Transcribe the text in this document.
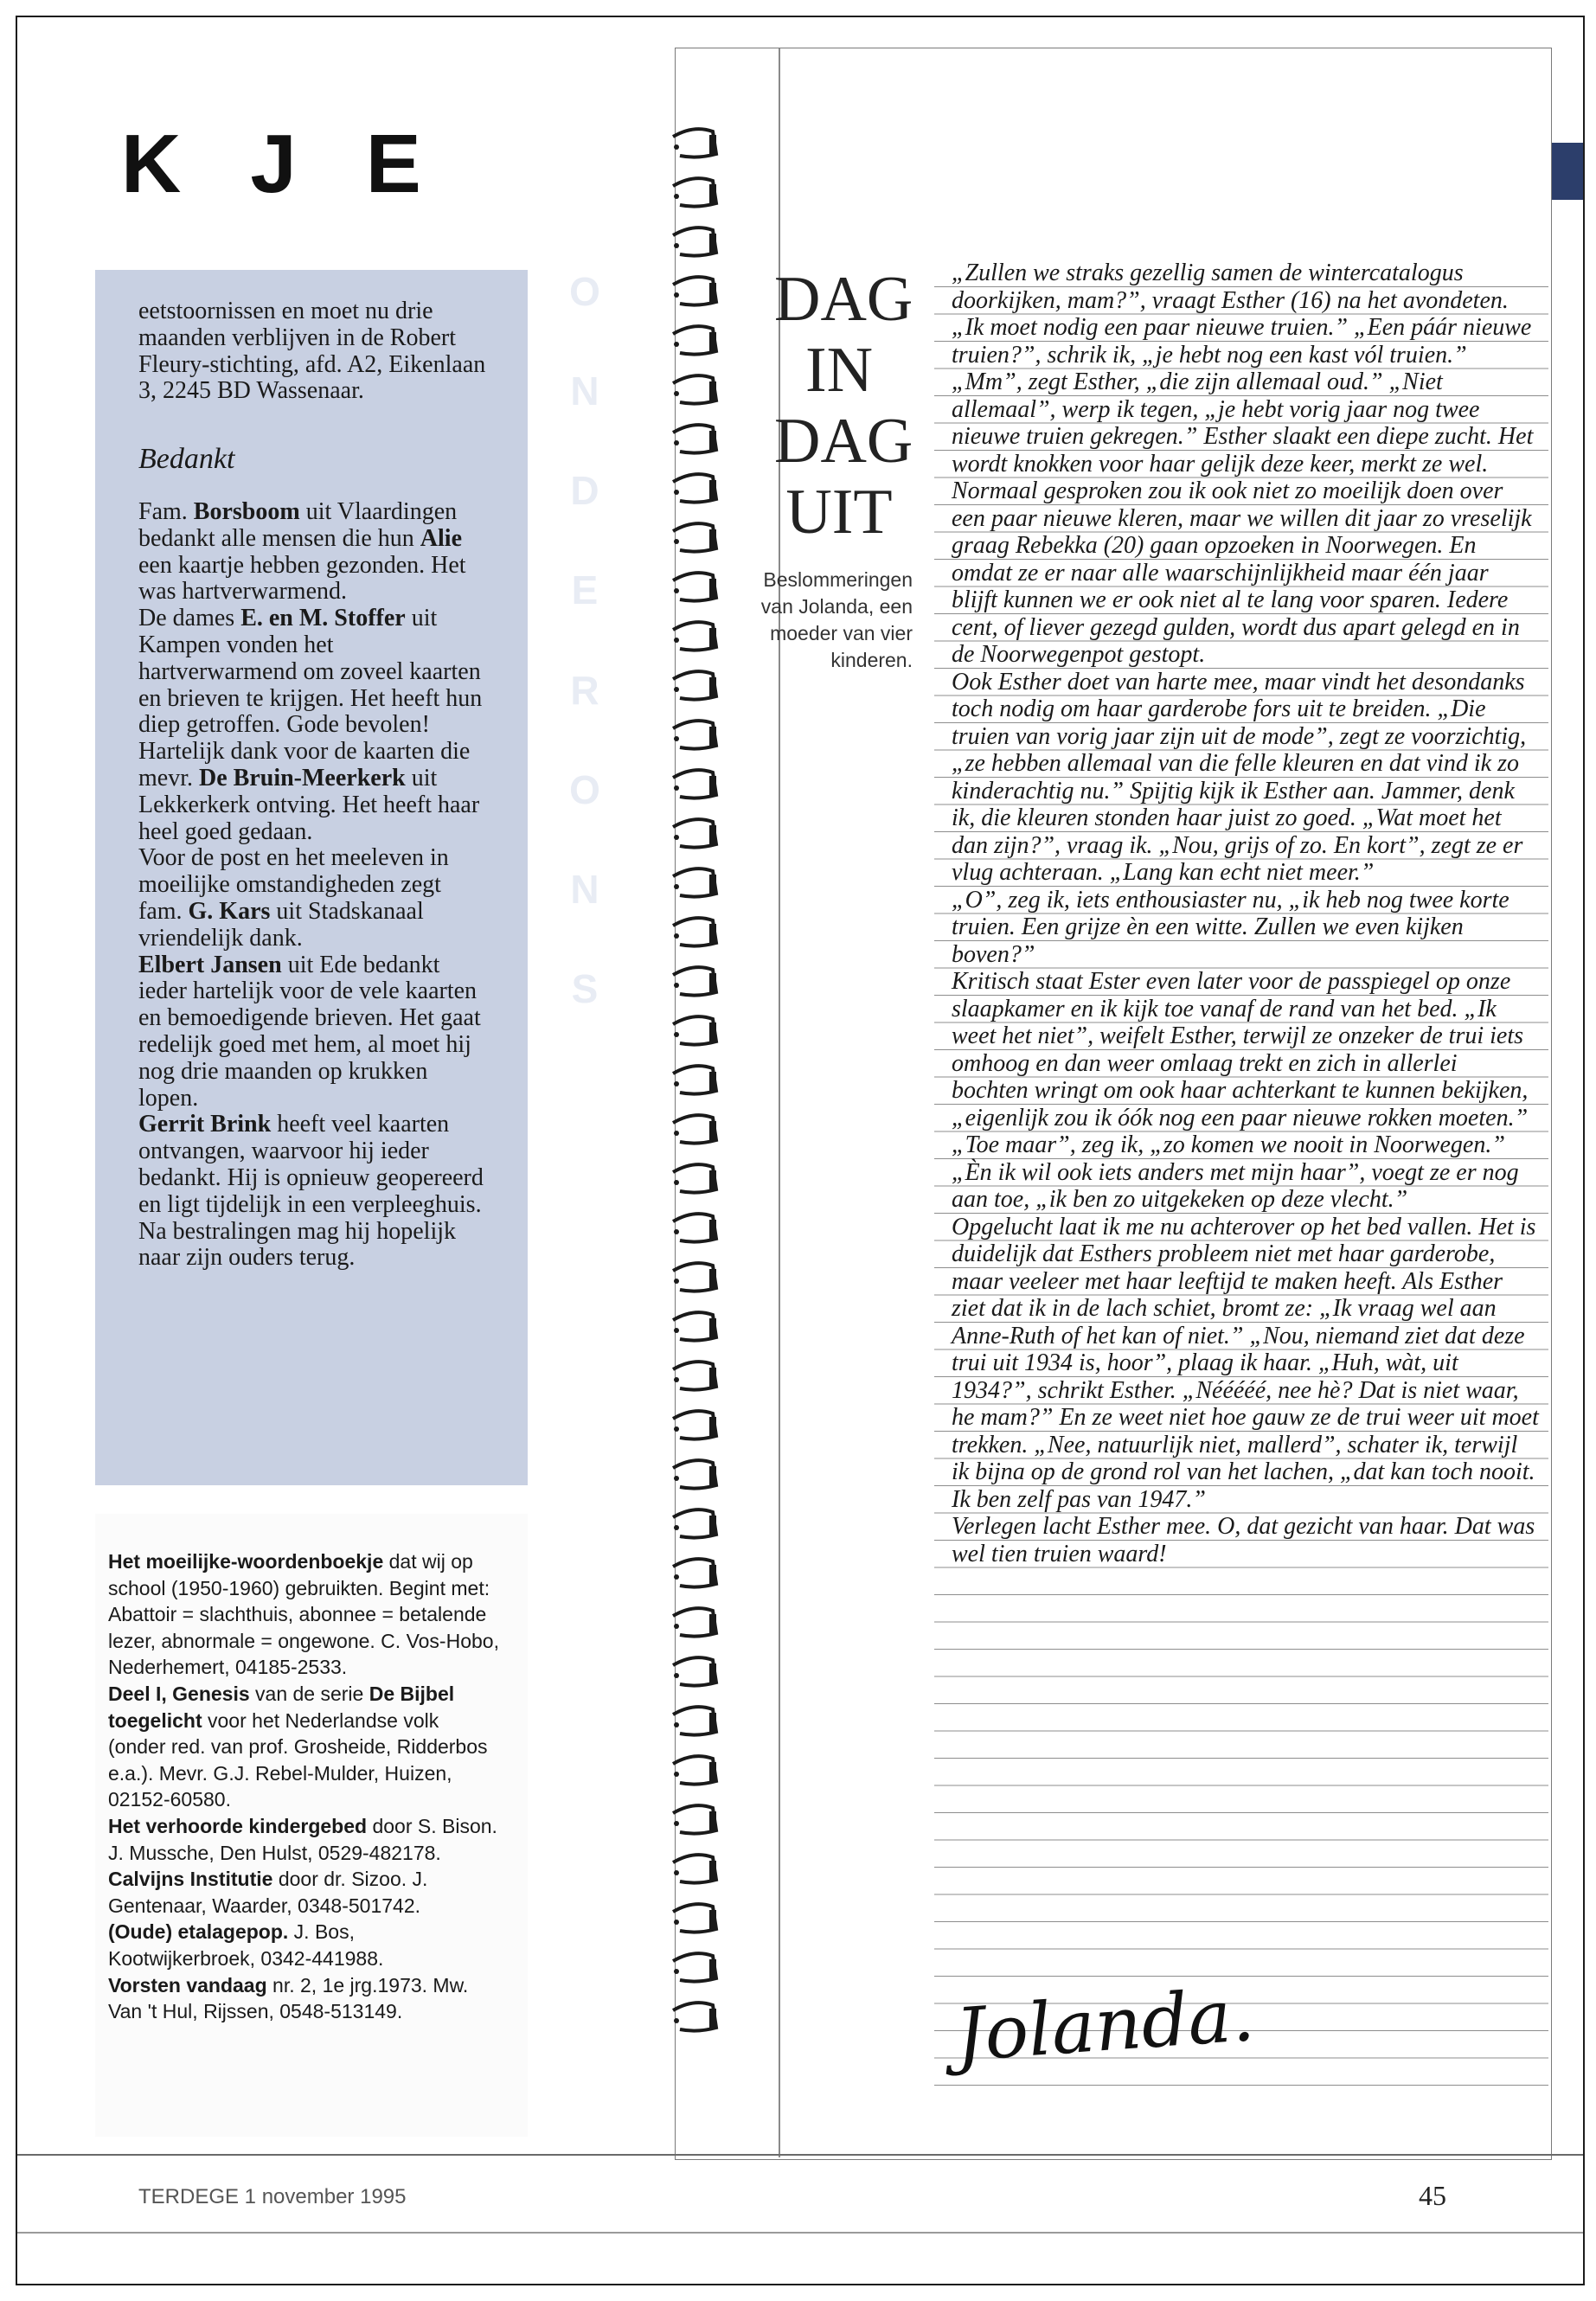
K J E
O
N
D
E
R
O
N
S

eetstoornissen en moet nu drie maanden verblijven in de Robert Fleury-stichting, afd. A2, Eikenlaan 3, 2245 BD Wassenaar.

Bedankt

Fam. Borsboom uit Vlaardingen bedankt alle mensen die hun Alie een kaartje hebben gezonden. Het was hartverwarmend.

De dames E. en M. Stoffer uit Kampen vonden het hartverwarmend om zoveel kaarten en brieven te krijgen. Het heeft hun diep getroffen. Gode bevolen!

Hartelijk dank voor de kaarten die mevr. De Bruin-Meerkerk uit Lekkerkerk ontving. Het heeft haar heel goed gedaan.

Voor de post en het meeleven in moeilijke omstandigheden zegt fam. G. Kars uit Stadskanaal vriendelijk dank.

Elbert Jansen uit Ede bedankt ieder hartelijk voor de vele kaarten en bemoedigende brieven. Het gaat redelijk goed met hem, al moet hij nog drie maanden op krukken lopen.

Gerrit Brink heeft veel kaarten ontvangen, waarvoor hij ieder bedankt. Hij is opnieuw geopereerd en ligt tijdelijk in een verpleeghuis. Na bestralingen mag hij hopelijk naar zijn ouders terug.

Het moeilijke-woordenboekje dat wij op school (1950-1960) gebruikten. Begint met: Abattoir = slachthuis, abonnee = betalende lezer, abnormale = ongewone. C. Vos-Hobo, Nederhemert, 04185-2533.

Deel I, Genesis van de serie De Bijbel toegelicht voor het Nederlandse volk (onder red. van prof. Grosheide, Ridderbos e.a.). Mevr. G.J. Rebel-Mulder, Huizen, 02152-60580.

Het verhoorde kindergebed door S. Bison. J. Mussche, Den Hulst, 0529-482178.

Calvijns Institutie door dr. Sizoo. J. Gentenaar, Waarder, 0348-501742.

(Oude) etalagepop. J. Bos, Kootwijkerbroek, 0342-441988.

Vorsten vandaag nr. 2, 1e jrg.1973. Mw. Van 't Hul, Rijssen, 0548-513149.

DAG
IN
DAG
UIT
Beslommeringen van Jolanda, een moeder van vier kinderen.

„Zullen we straks gezellig samen de wintercatalogus doorkijken, mam?”, vraagt Esther (16) na het avondeten. „Ik moet nodig een paar nieuwe truien.” „Een páár nieuwe truien?”, schrik ik, „je hebt nog een kast vól truien.” „Mm”, zegt Esther, „die zijn allemaal oud.” „Niet allemaal”, werp ik tegen, „je hebt vorig jaar nog twee nieuwe truien gekregen.” Esther slaakt een diepe zucht. Het wordt knokken voor haar gelijk deze keer, merkt ze wel.

Normaal gesproken zou ik ook niet zo moeilijk doen over een paar nieuwe kleren, maar we willen dit jaar zo vreselijk graag Rebekka (20) gaan opzoeken in Noorwegen. En omdat ze er naar alle waarschijnlijkheid maar één jaar blijft kunnen we er ook niet al te lang voor sparen. Iedere cent, of liever gezegd gulden, wordt dus apart gelegd en in de Noorwegenpot gestopt.

Ook Esther doet van harte mee, maar vindt het desondanks toch nodig om haar garderobe fors uit te breiden. „Die truien van vorig jaar zijn uit de mode”, zegt ze voorzichtig, „ze hebben allemaal van die felle kleuren en dat vind ik zo kinderachtig nu.” Spijtig kijk ik Esther aan. Jammer, denk ik, die kleuren stonden haar juist zo goed. „Wat moet het dan zijn?”, vraag ik. „Nou, grijs of zo. En kort”, zegt ze er vlug achteraan. „Lang kan echt niet meer.”

„O”, zeg ik, iets enthousiaster nu, „ik heb nog twee korte truien. Een grijze èn een witte. Zullen we even kijken boven?”

Kritisch staat Ester even later voor de passpiegel op onze slaapkamer en ik kijk toe vanaf de rand van het bed. „Ik weet het niet”, weifelt Esther, terwijl ze onzeker de trui iets omhoog en dan weer omlaag trekt en zich in allerlei bochten wringt om ook haar achterkant te kunnen bekijken, „eigenlijk zou ik óók nog een paar nieuwe rokken moeten.” „Toe maar”, zeg ik, „zo komen we nooit in Noorwegen.” „Èn ik wil ook iets anders met mijn haar”, voegt ze er nog aan toe, „ik ben zo uitgekeken op deze vlecht.”

Opgelucht laat ik me nu achterover op het bed vallen. Het is duidelijk dat Esthers probleem niet met haar garderobe, maar veeleer met haar leeftijd te maken heeft. Als Esther ziet dat ik in de lach schiet, bromt ze: „Ik vraag wel aan Anne-Ruth of het kan of niet.” „Nou, niemand ziet dat deze trui uit 1934 is, hoor”, plaag ik haar. „Huh, wàt, uit 1934?”, schrikt Esther. „Nééééé, nee hè? Dat is niet waar, he mam?” En ze weet niet hoe gauw ze de trui weer uit moet trekken. „Nee, natuurlijk niet, mallerd”, schater ik, terwijl ik bijna op de grond rol van het lachen, „dat kan toch nooit. Ik ben zelf pas van 1947.”

Verlegen lacht Esther mee. O, dat gezicht van haar. Dat was wel tien truien waard!

Jolanda.
TERDEGE 1 november 1995	45
